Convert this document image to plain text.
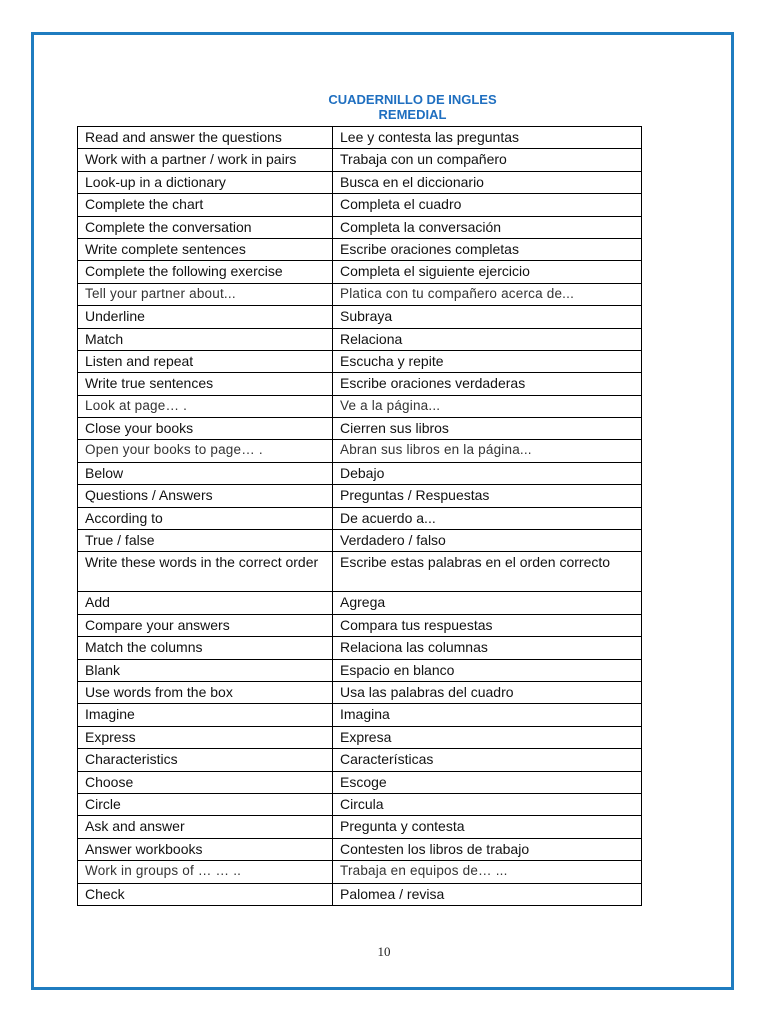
CUADERNILLO DE INGLES
REMEDIAL
Read and answer the questions	Lee y contesta las preguntas
Work with a partner / work in pairs	Trabaja con un compañero
Look-up in a dictionary	Busca en el diccionario
Complete the chart	Completa el cuadro
Complete the conversation	Completa la conversación
Write complete sentences	Escribe oraciones completas
Complete the following exercise	Completa el siguiente ejercicio
Tell your partner about...	Platica con tu compañero acerca de...
Underline	Subraya
Match	Relaciona
Listen and repeat	Escucha y repite
Write true sentences	Escribe oraciones verdaderas
Look at page… .	Ve a la página...
Close your books	Cierren sus libros
Open your books to page… .	Abran sus libros en la página...
Below	Debajo
Questions / Answers	Preguntas / Respuestas
According to	De acuerdo a...
True / false	Verdadero / falso
Write these words in the correct order	Escribe estas palabras en el orden correcto
Add	Agrega
Compare your answers	Compara tus respuestas
Match the columns	Relaciona las columnas
Blank	Espacio en blanco
Use words from the box	Usa las palabras del cuadro
Imagine	Imagina
Express	Expresa
Characteristics	Características
Choose	Escoge
Circle	Circula
Ask and answer	Pregunta y contesta
Answer workbooks	Contesten los libros de trabajo
Work in groups of … … ..	Trabaja en equipos de… ...
Check	Palomea / revisa
10
